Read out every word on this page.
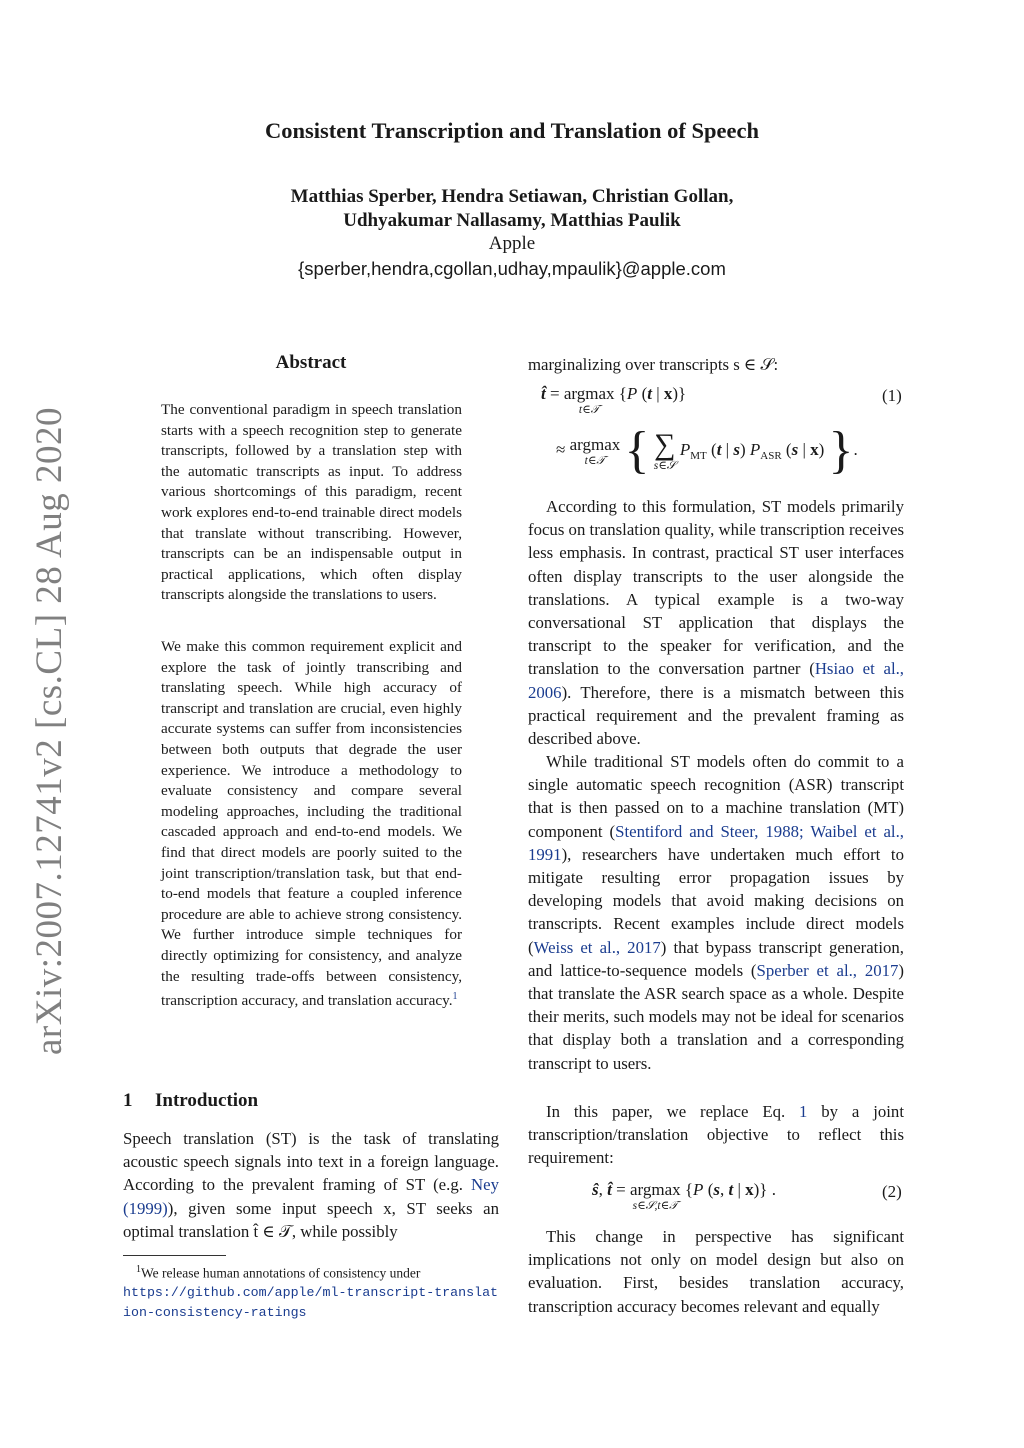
Consistent Transcription and Translation of Speech
Matthias Sperber, Hendra Setiawan, Christian Gollan,
Udhyakumar Nallasamy, Matthias Paulik
Apple
{sperber,hendra,cgollan,udhay,mpaulik}@apple.com
arXiv:2007.12741v2 [cs.CL] 28 Aug 2020
Abstract
The conventional paradigm in speech translation starts with a speech recognition step to generate transcripts, followed by a translation step with the automatic transcripts as input. To address various shortcomings of this paradigm, recent work explores end-to-end trainable direct models that translate without transcribing. However, transcripts can be an indispensable output in practical applications, which often display transcripts alongside the translations to users.
We make this common requirement explicit and explore the task of jointly transcribing and translating speech. While high accuracy of transcript and translation are crucial, even highly accurate systems can suffer from inconsistencies between both outputs that degrade the user experience. We introduce a methodology to evaluate consistency and compare several modeling approaches, including the traditional cascaded approach and end-to-end models. We find that direct models are poorly suited to the joint transcription/translation task, but that end-to-end models that feature a coupled inference procedure are able to achieve strong consistency. We further introduce simple techniques for directly optimizing for consistency, and analyze the resulting trade-offs between consistency, transcription accuracy, and translation accuracy.$^1$
1 Introduction
Speech translation (ST) is the task of translating acoustic speech signals into text in a foreign language. According to the prevalent framing of ST (e.g. Ney (1999)), given some input speech x, ST seeks an optimal translation t̂ ∈ 𝒯, while possibly
$^1$We release human annotations of consistency under
https://github.com/apple/ml-transcript-translation-consistency-ratings
marginalizing over transcripts s ∈ 𝒮:
t̂ = argmax
t∈𝒯
{P (t | x)}	(1)
≈ argmax
t∈𝒯 { ∑
s∈𝒮
$P_{MT}$ (t | s) $P_{ASR}$ (s | x) }.
According to this formulation, ST models primarily focus on translation quality, while transcription receives less emphasis. In contrast, practical ST user interfaces often display transcripts to the user alongside the translations. A typical example is a two-way conversational ST application that displays the transcript to the speaker for verification, and the translation to the conversation partner (Hsiao et al., 2006). Therefore, there is a mismatch between this practical requirement and the prevalent framing as described above.
While traditional ST models often do commit to a single automatic speech recognition (ASR) transcript that is then passed on to a machine translation (MT) component (Stentiford and Steer, 1988; Waibel et al., 1991), researchers have undertaken much effort to mitigate resulting error propagation issues by developing models that avoid making decisions on transcripts. Recent examples include direct models (Weiss et al., 2017) that bypass transcript generation, and lattice-to-sequence models (Sperber et al., 2017) that translate the ASR search space as a whole. Despite their merits, such models may not be ideal for scenarios that display both a translation and a corresponding transcript to users.
In this paper, we replace Eq. 1 by a joint transcription/translation objective to reflect this requirement:
ŝ, t̂ = argmax
s∈𝒮,t∈𝒯
{P (s, t | x)} .	(2)
This change in perspective has significant implications not only on model design but also on evaluation. First, besides translation accuracy, transcription accuracy becomes relevant and equally
